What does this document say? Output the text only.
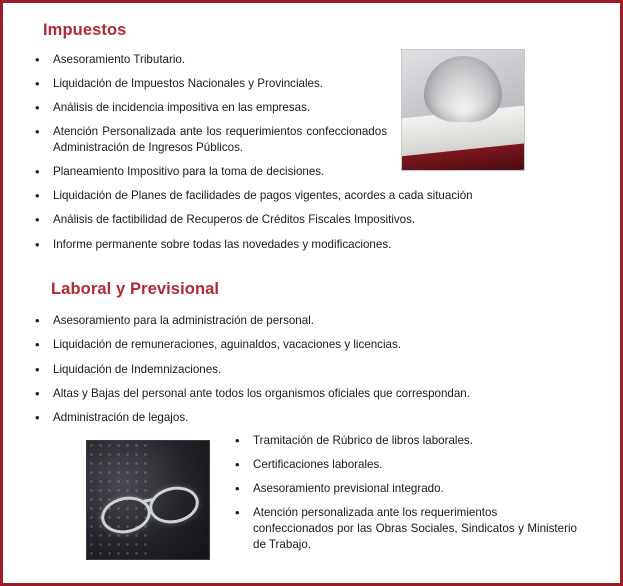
Impuestos
• Asesoramiento Tributario.
• Liquidación de Impuestos Nacionales y Provinciales.
• Análisis de incidencia impositiva en las empresas.
• Atención Personalizada ante los requerimientos confeccionados Administración de Ingresos Públicos.
• Planeamiento Impositivo para la toma de decisiones.
• Liquidación de Planes de facilidades de pagos vigentes, acordes a cada situación
• Análisis de factibilidad de Recuperos de Créditos Fiscales Impositivos.
• Informe permanente sobre todas las novedades y modificaciones.
Laboral y Previsional
• Asesoramiento para la administración de personal.
• Liquidación de remuneraciones, aguinaldos, vacaciones y licencias.
• Liquidación de Indemnizaciones.
• Altas y Bajas del personal ante todos los organismos oficiales que correspondan.
• Administración de legajos.
• Tramitación de Rúbrico de libros laborales.
• Certificaciones laborales.
• Asesoramiento previsional integrado.
• Atención personalizada ante los requerimientos
confeccionados por las Obras Sociales, Sindicatos y Ministerio de Trabajo.
